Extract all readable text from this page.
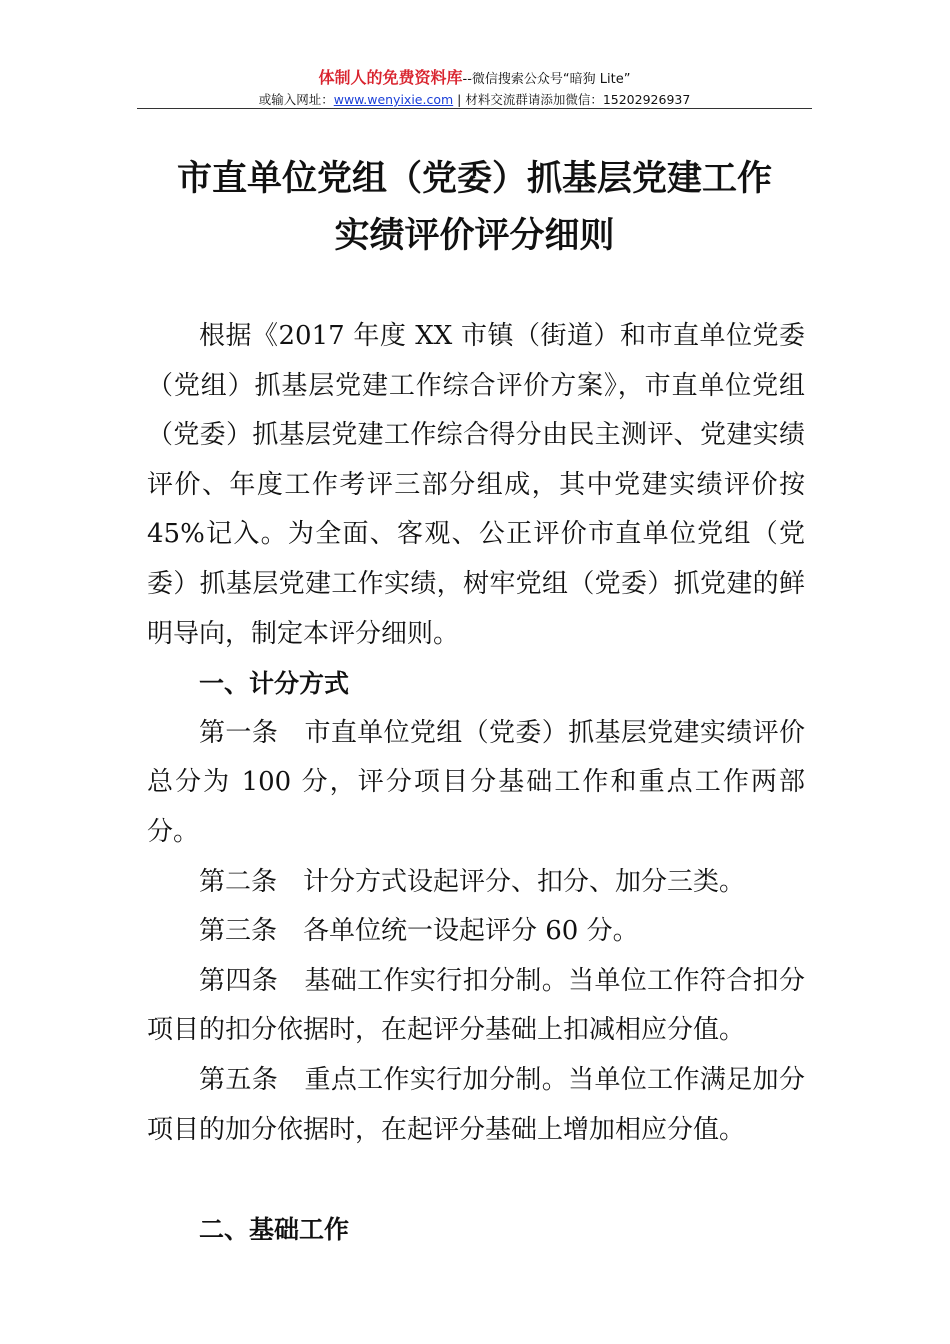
体制人的免费资料库--微信搜索公众号“暗狗 Lite”
或输入网址：www.wenyixie.com | 材料交流群请添加微信：15202926937
市直单位党组（党委）抓基层党建工作
实绩评价评分细则

根据《2017 年度 XX 市镇（街道）和市直单位党委（党组）抓基层党建工作综合评价方案》，市直单位党组（党委）抓基层党建工作综合得分由民主测评、党建实绩评价、年度工作考评三部分组成，其中党建实绩评价按 45%记入。为全面、客观、公正评价市直单位党组（党委）抓基层党建工作实绩，树牢党组（党委）抓党建的鲜明导向，制定本评分细则。

一、计分方式

第一条　市直单位党组（党委）抓基层党建实绩评价总分为 100 分，评分项目分基础工作和重点工作两部分。

第二条　计分方式设起评分、扣分、加分三类。

第三条　各单位统一设起评分 60 分。

第四条　基础工作实行扣分制。当单位工作符合扣分项目的扣分依据时，在起评分基础上扣减相应分值。

第五条　重点工作实行加分制。当单位工作满足加分项目的加分依据时，在起评分基础上增加相应分值。

二、基础工作
